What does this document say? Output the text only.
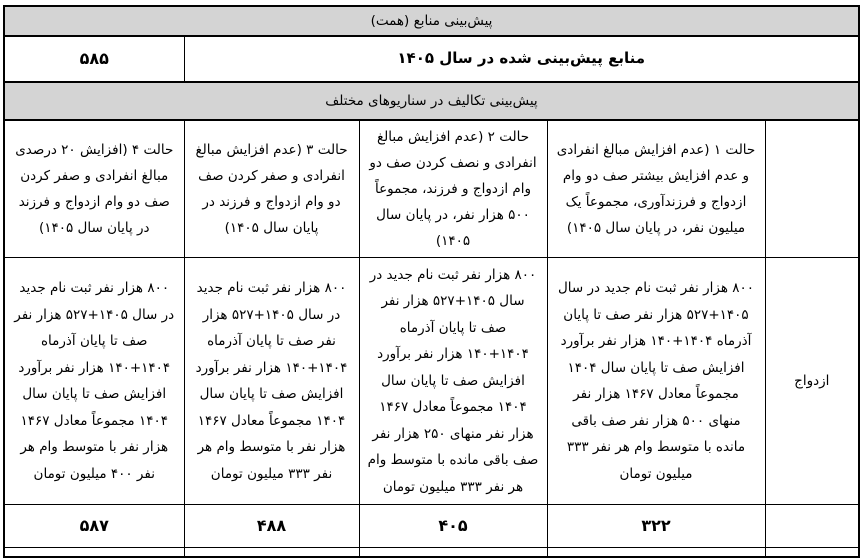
پیش‌بینی منابع (همت)				
منابع پیش‌بینی شده در سال ۱۴۰۵				۵۸۵
پیش‌بینی تکالیف در سناریوهای مختلف				
	حالت ۱ (عدم افزایش مبالغ انفرادی و عدم افزایش بیشتر صف دو وام ازدواج و فرزندآوری، مجموعاً یک میلیون نفر، در پایان سال ۱۴۰۵)	حالت ۲ (عدم افزایش مبالغ انفرادی و نصف کردن صف دو وام ازدواج و فرزند، مجموعاً ۵۰۰ هزار نفر، در پایان سال ۱۴۰۵)	حالت ۳ (عدم افزایش مبالغ انفرادی و صفر کردن صف دو وام ازدواج و فرزند در پایان سال ۱۴۰۵)	حالت ۴ (افزایش ۲۰ درصدی مبالغ انفرادی و صفر کردن صف دو وام ازدواج و فرزند در پایان سال ۱۴۰۵)
ازدواج	۸۰۰ هزار نفر ثبت نام جدید در سال ۱۴۰۵+۵۲۷ هزار نفر صف تا پایان آذرماه ۱۴۰۴+۱۴۰ هزار نفر برآورد افزایش صف تا پایان سال ۱۴۰۴ مجموعاً معادل ۱۴۶۷ هزار نفر منهای ۵۰۰ هزار نفر صف باقی مانده با متوسط وام هر نفر ۳۳۳ میلیون تومان	۸۰۰ هزار نفر ثبت نام جدید در سال ۱۴۰۵+۵۲۷ هزار نفر صف تا پایان آذرماه ۱۴۰۴+۱۴۰ هزار نفر برآورد افزایش صف تا پایان سال ۱۴۰۴ مجموعاً معادل ۱۴۶۷ هزار نفر منهای ۲۵۰ هزار نفر صف باقی مانده با متوسط وام هر نفر ۳۳۳ میلیون تومان	۸۰۰ هزار نفر ثبت نام جدید در سال ۱۴۰۵+۵۲۷ هزار نفر صف تا پایان آذرماه ۱۴۰۴+۱۴۰ هزار نفر برآورد افزایش صف تا پایان سال ۱۴۰۴ مجموعاً معادل ۱۴۶۷ هزار نفر با متوسط وام هر نفر ۳۳۳ میلیون تومان	۸۰۰ هزار نفر ثبت نام جدید در سال ۱۴۰۵+۵۲۷ هزار نفر صف تا پایان آذرماه ۱۴۰۴+۱۴۰ هزار نفر برآورد افزایش صف تا پایان سال ۱۴۰۴ مجموعاً معادل ۱۴۶۷ هزار نفر با متوسط وام هر نفر ۴۰۰ میلیون تومان
	۳۲۲	۴۰۵	۴۸۸	۵۸۷
